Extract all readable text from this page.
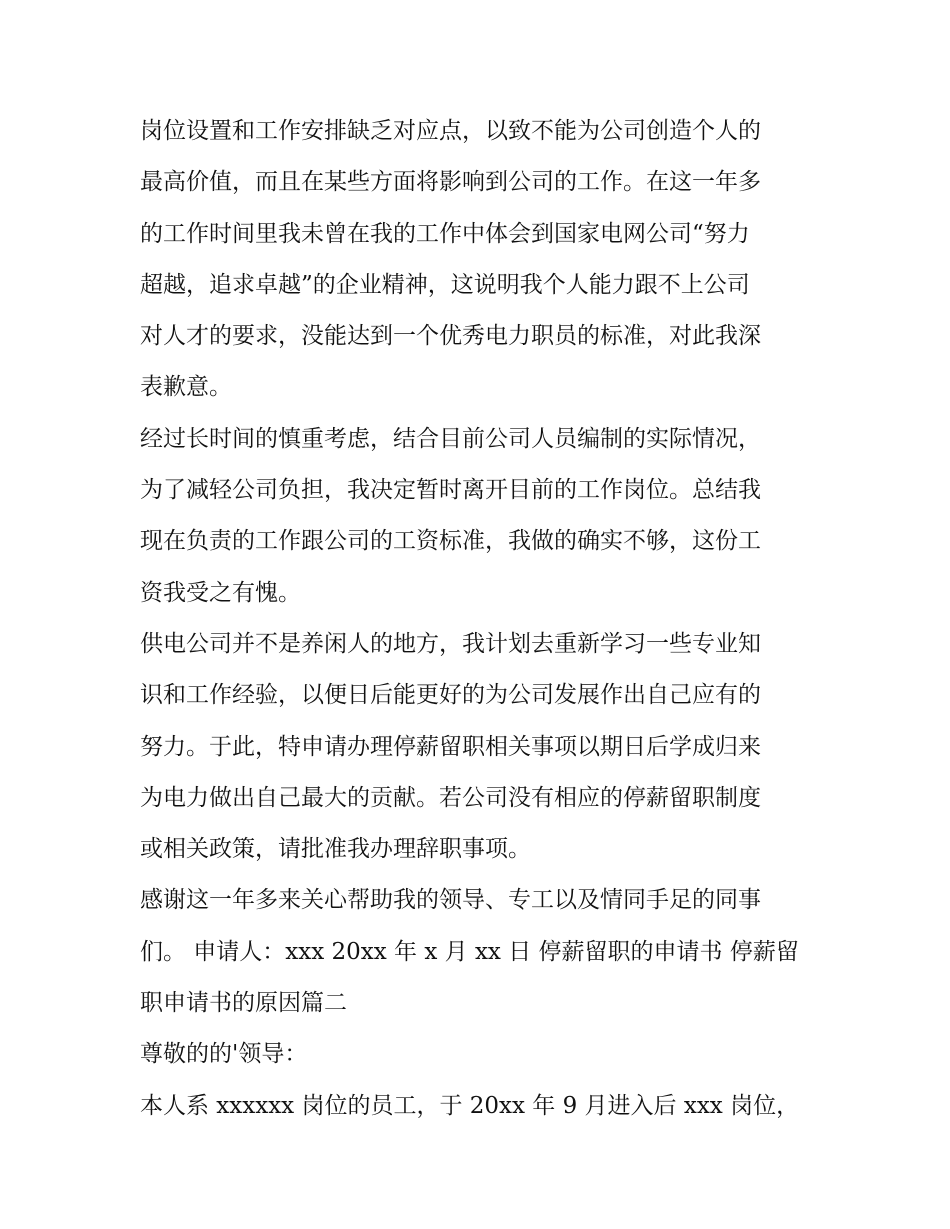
岗位设置和工作安排缺乏对应点，以致不能为公司创造个人的
最高价值，而且在某些方面将影响到公司的工作。在这一年多
的工作时间里我未曾在我的工作中体会到国家电网公司“努力
超越，追求卓越”的企业精神，这说明我个人能力跟不上公司
对人才的要求，没能达到一个优秀电力职员的标准，对此我深
表歉意。
经过长时间的慎重考虑，结合目前公司人员编制的实际情况，
为了减轻公司负担，我决定暂时离开目前的工作岗位。总结我
现在负责的工作跟公司的工资标准，我做的确实不够，这份工
资我受之有愧。
供电公司并不是养闲人的地方，我计划去重新学习一些专业知
识和工作经验，以便日后能更好的为公司发展作出自己应有的
努力。于此，特申请办理停薪留职相关事项以期日后学成归来
为电力做出自己最大的贡献。若公司没有相应的停薪留职制度
或相关政策，请批准我办理辞职事项。
感谢这一年多来关心帮助我的领导、专工以及情同手足的同事
们。 申请人：xxx 20xx 年 x 月 xx 日 停薪留职的申请书 停薪留
职申请书的原因篇二
尊敬的的'领导：
本人系 xxxxxx 岗位的员工，于 20xx 年 9 月进入后 xxx 岗位，
